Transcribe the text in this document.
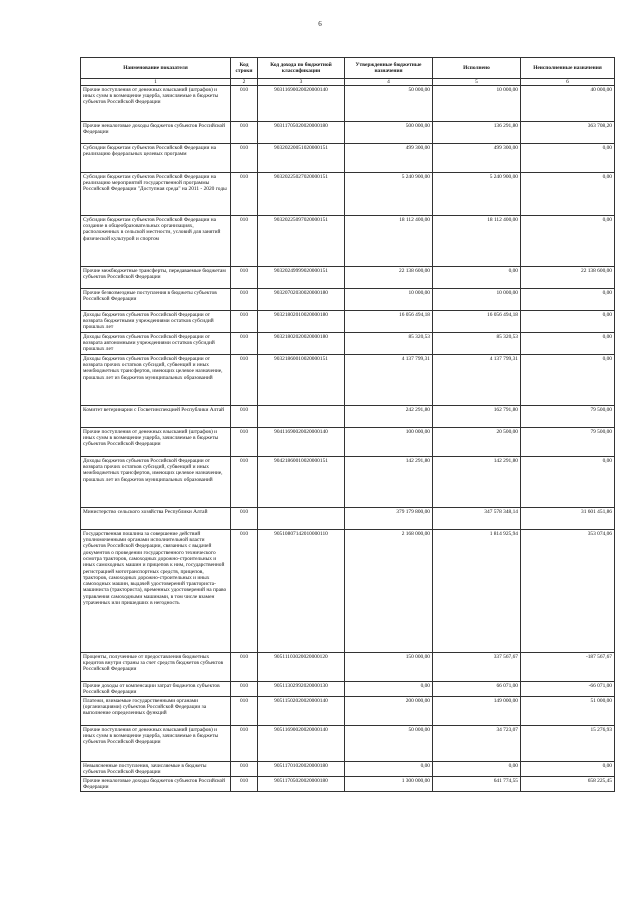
6
Наименование показателя	Код строки	Код дохода по бюджетной классификации	Утвержденные бюджетные назначения	Исполнено	Неисполненные назначения
1	2	3	4	5	6
Прочие поступления от денежных взысканий (штрафов) и иных сумм в возмещение ущерба, зачисляемые в бюджеты субъектов Российской Федерации	010	90311690020020000140	50 000,00	10 000,00	40 000,00
Прочие неналоговые доходы бюджетов субъектов Российской Федерации	010	90311705020020000180	500 000,00	136 291,80	363 708,20
Субсидии бюджетам субъектов Российской Федерации на реализацию федеральных целевых программ	010	90320220051020000151	499 300,00	499 300,00	0,00
Субсидии бюджетам субъектов Российской Федерации на реализацию мероприятий государственной программы Российской Федерации "Доступная среда" на 2011 - 2020 годы	010	90320225027020000151	5 240 900,00	5 240 900,00	0,00
Субсидии бюджетам субъектов Российской Федерации на создание в общеобразовательных организациях, расположенных в сельской местности, условий для занятий физической культурой и спортом	010	90320225097020000151	18 112 400,00	18 112 400,00	0,00
Прочие межбюджетные трансферты, передаваемые бюджетам субъектов Российской Федерации	010	90320249999020000151	22 138 600,00	0,00	22 138 600,00
Прочие безвозмездные поступления в бюджеты субъектов Российской Федерации	010	90320702030020000180	10 000,00	10 000,00	0,00
Доходы бюджетов субъектов Российской Федерации от возврата бюджетными учреждениями остатков субсидий прошлых лет	010	90321802010020000180	16 056 494,18	16 056 494,18	0,00
Доходы бюджетов субъектов Российской Федерации от возврата автономными учреждениями остатков субсидий прошлых лет	010	90321802020020000180	85 320,53	85 320,53	0,00
Доходы бюджетов субъектов Российской Федерации от возврата прочих остатков субсидий, субвенций и иных межбюджетных трансфертов, имеющих целевое назначение, прошлых лет из бюджетов муниципальных образований	010	90321860010020000151	4 137 799,31	4 137 799,31	0,00
Комитет ветеринарии с Госветинспекцией Республики Алтай	010		242 291,80	162 791,80	79 500,00
Прочие поступления от денежных взысканий (штрафов) и иных сумм в возмещение ущерба, зачисляемые в бюджеты субъектов Российской Федерации	010	90411690020020000140	100 000,00	20 500,00	79 500,00
Доходы бюджетов субъектов Российской Федерации от возврата прочих остатков субсидий, субвенций и иных межбюджетных трансфертов, имеющих целевое назначение, прошлых лет из бюджетов муниципальных образований	010	90421860010020000151	142 291,80	142 291,80	0,00
Министерство сельского хозяйства Республики Алтай	010		379 179 800,00	347 578 348,14	31 601 451,86
Государственная пошлина за совершение действий уполномоченными органами исполнительной власти субъектов Российской Федерации, связанных с выдачей документов о проведении государственного технического осмотра тракторов, самоходных дорожно-строительных и иных самоходных машин и прицепов к ним, государственной регистрацией мототранспортных средств, прицепов, тракторов, самоходных дорожно-строительных и иных самоходных машин, выдачей удостоверений тракториста-машиниста (тракториста), временных удостоверений на право управления самоходными машинами, в том числе взамен утраченных или пришедших в негодность	010	90510807142010000110	2 168 000,00	1 814 925,94	353 074,06
Проценты, полученные от предоставления бюджетных кредитов внутри страны за счет средств бюджетов субъектов Российской Федерации	010	90511103020020000120	150 000,00	337 567,67	-187 567,67
Прочие доходы от компенсации затрат бюджетов субъектов Российской Федерации	010	90511302992020000130	0,00	66 071,00	-66 071,00
Платежи, взимаемые государственными органами (организациями) субъектов Российской Федерации за выполнение определенных функций	010	90511502020020000140	200 000,00	149 000,00	51 000,00
Прочие поступления от денежных взысканий (штрафов) и иных сумм в возмещение ущерба, зачисляемые в бюджеты субъектов Российской Федерации	010	90511690020020000140	50 000,00	34 723,07	15 276,93
Невыясненные поступления, зачисляемые в бюджеты субъектов Российской Федерации	010	90511701020020000180	0,00	0,00	0,00
Прочие неналоговые доходы бюджетов субъектов Российской Федерации	010	90511705020020000180	1 300 000,00	641 774,55	658 225,45
